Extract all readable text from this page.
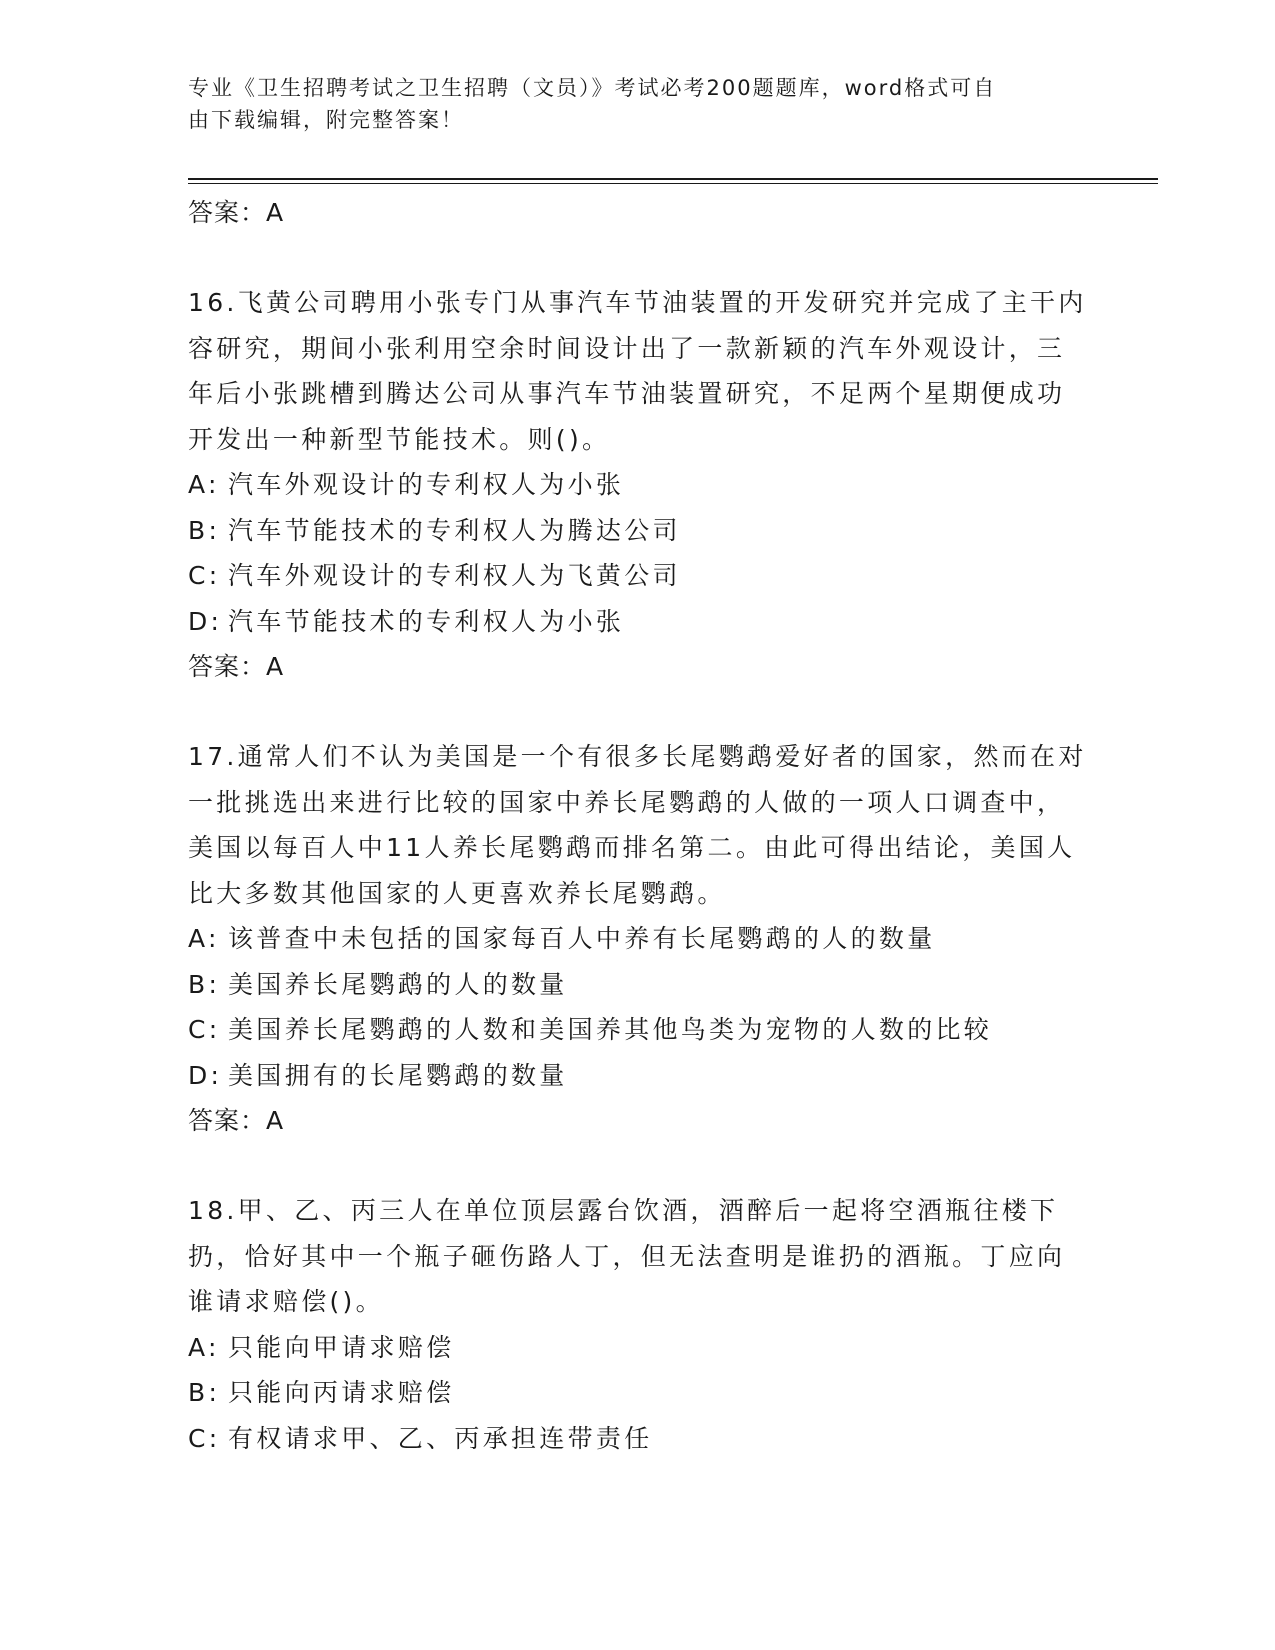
专业《卫生招聘考试之卫生招聘（文员）》考试必考200题题库，word格式可自
由下载编辑，附完整答案！
答案：A
16.飞黄公司聘用小张专门从事汽车节油装置的开发研究并完成了主干内容研究，期间小张利用空余时间设计出了一款新颖的汽车外观设计，三年后小张跳槽到腾达公司从事汽车节油装置研究，不足两个星期便成功开发出一种新型节能技术。则()。
A: 汽车外观设计的专利权人为小张
B: 汽车节能技术的专利权人为腾达公司
C: 汽车外观设计的专利权人为飞黄公司
D: 汽车节能技术的专利权人为小张
答案：A
17.通常人们不认为美国是一个有很多长尾鹦鹉爱好者的国家，然而在对一批挑选出来进行比较的国家中养长尾鹦鹉的人做的一项人口调查中，美国以每百人中11人养长尾鹦鹉而排名第二。由此可得出结论，美国人比大多数其他国家的人更喜欢养长尾鹦鹉。
A: 该普查中未包括的国家每百人中养有长尾鹦鹉的人的数量
B: 美国养长尾鹦鹉的人的数量
C: 美国养长尾鹦鹉的人数和美国养其他鸟类为宠物的人数的比较
D: 美国拥有的长尾鹦鹉的数量
答案：A
18.甲、乙、丙三人在单位顶层露台饮酒，酒醉后一起将空酒瓶往楼下扔，恰好其中一个瓶子砸伤路人丁，但无法查明是谁扔的酒瓶。丁应向谁请求赔偿()。
A: 只能向甲请求赔偿
B: 只能向丙请求赔偿
C: 有权请求甲、乙、丙承担连带责任
